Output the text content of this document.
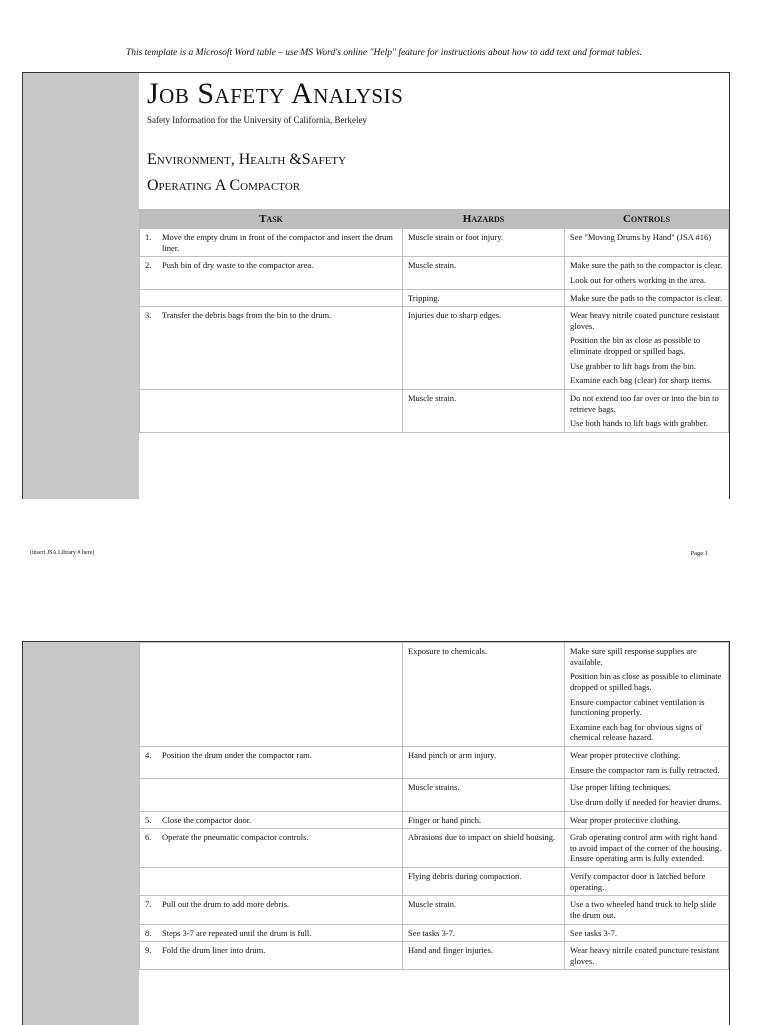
This template is a Microsoft Word table – use MS Word's online "Help" feature for instructions about how to add text and format tables.
Job Safety Analysis
Safety Information for the University of California, Berkeley
Environment, Health &Safety
Operating A Compactor
Task	Hazards	Controls
1. Move the empty drum in front of the compactor and insert the drum liner.	Muscle strain or foot injury.	See "Moving Drums by Hand" (JSA #16)

2. Push bin of dry waste to the compactor area.	Muscle strain.	Make sure the path to the compactor is clear.
Look out for others working in the area.

	Tripping.	Make sure the path to the compactor is clear.

3. Transfer the debris bags from the bin to the drum.	Injuries due to sharp edges.	Wear heavy nitrile coated puncture resistant gloves.
Position the bin as close as possible to eliminate dropped or spilled bags.
Use grabber to lift bags from the bin.
Examine each bag (clear) for sharp items.

	Muscle strain.	Do not extend too far over or into the bin to retrieve bags.
Use both hands to lift bags with grabber.
(insert JSA Library # here)	Page 1
	Exposure to chemicals.	Make sure spill response supplies are available.
Position bin as close as possible to eliminate dropped or spilled bags.
Ensure compactor cabinet ventilation is functioning properly.
Examine each bag for obvious signs of chemical release hazard.

4. Position the drum under the compactor ram.	Hand pinch or arm injury.	Wear proper protective clothing.
Ensure the compactor ram is fully retracted.

	Muscle strains.	Use proper lifting techniques.
Use drum dolly if needed for heavier drums.

5. Close the compactor door.	Finger or hand pinch.	Wear proper protective clothing.

6. Operate the pneumatic compactor controls.	Abrasions due to impact on shield housing.	Grab operating control arm with right hand to avoid impact of the corner of the housing. Ensure operating arm is fully extended.

	Flying debris during compaction.	Verify compactor door is latched before operating.

7. Pull out the drum to add more debris.	Muscle strain.	Use a two wheeled hand truck to help slide the drum out.

8. Steps 3-7 are repeated until the drum is full.	See tasks 3-7.	See tasks 3-7.

9. Fold the drum liner into drum.	Hand and finger injuries.	Wear heavy nitrile coated puncture resistant gloves.
